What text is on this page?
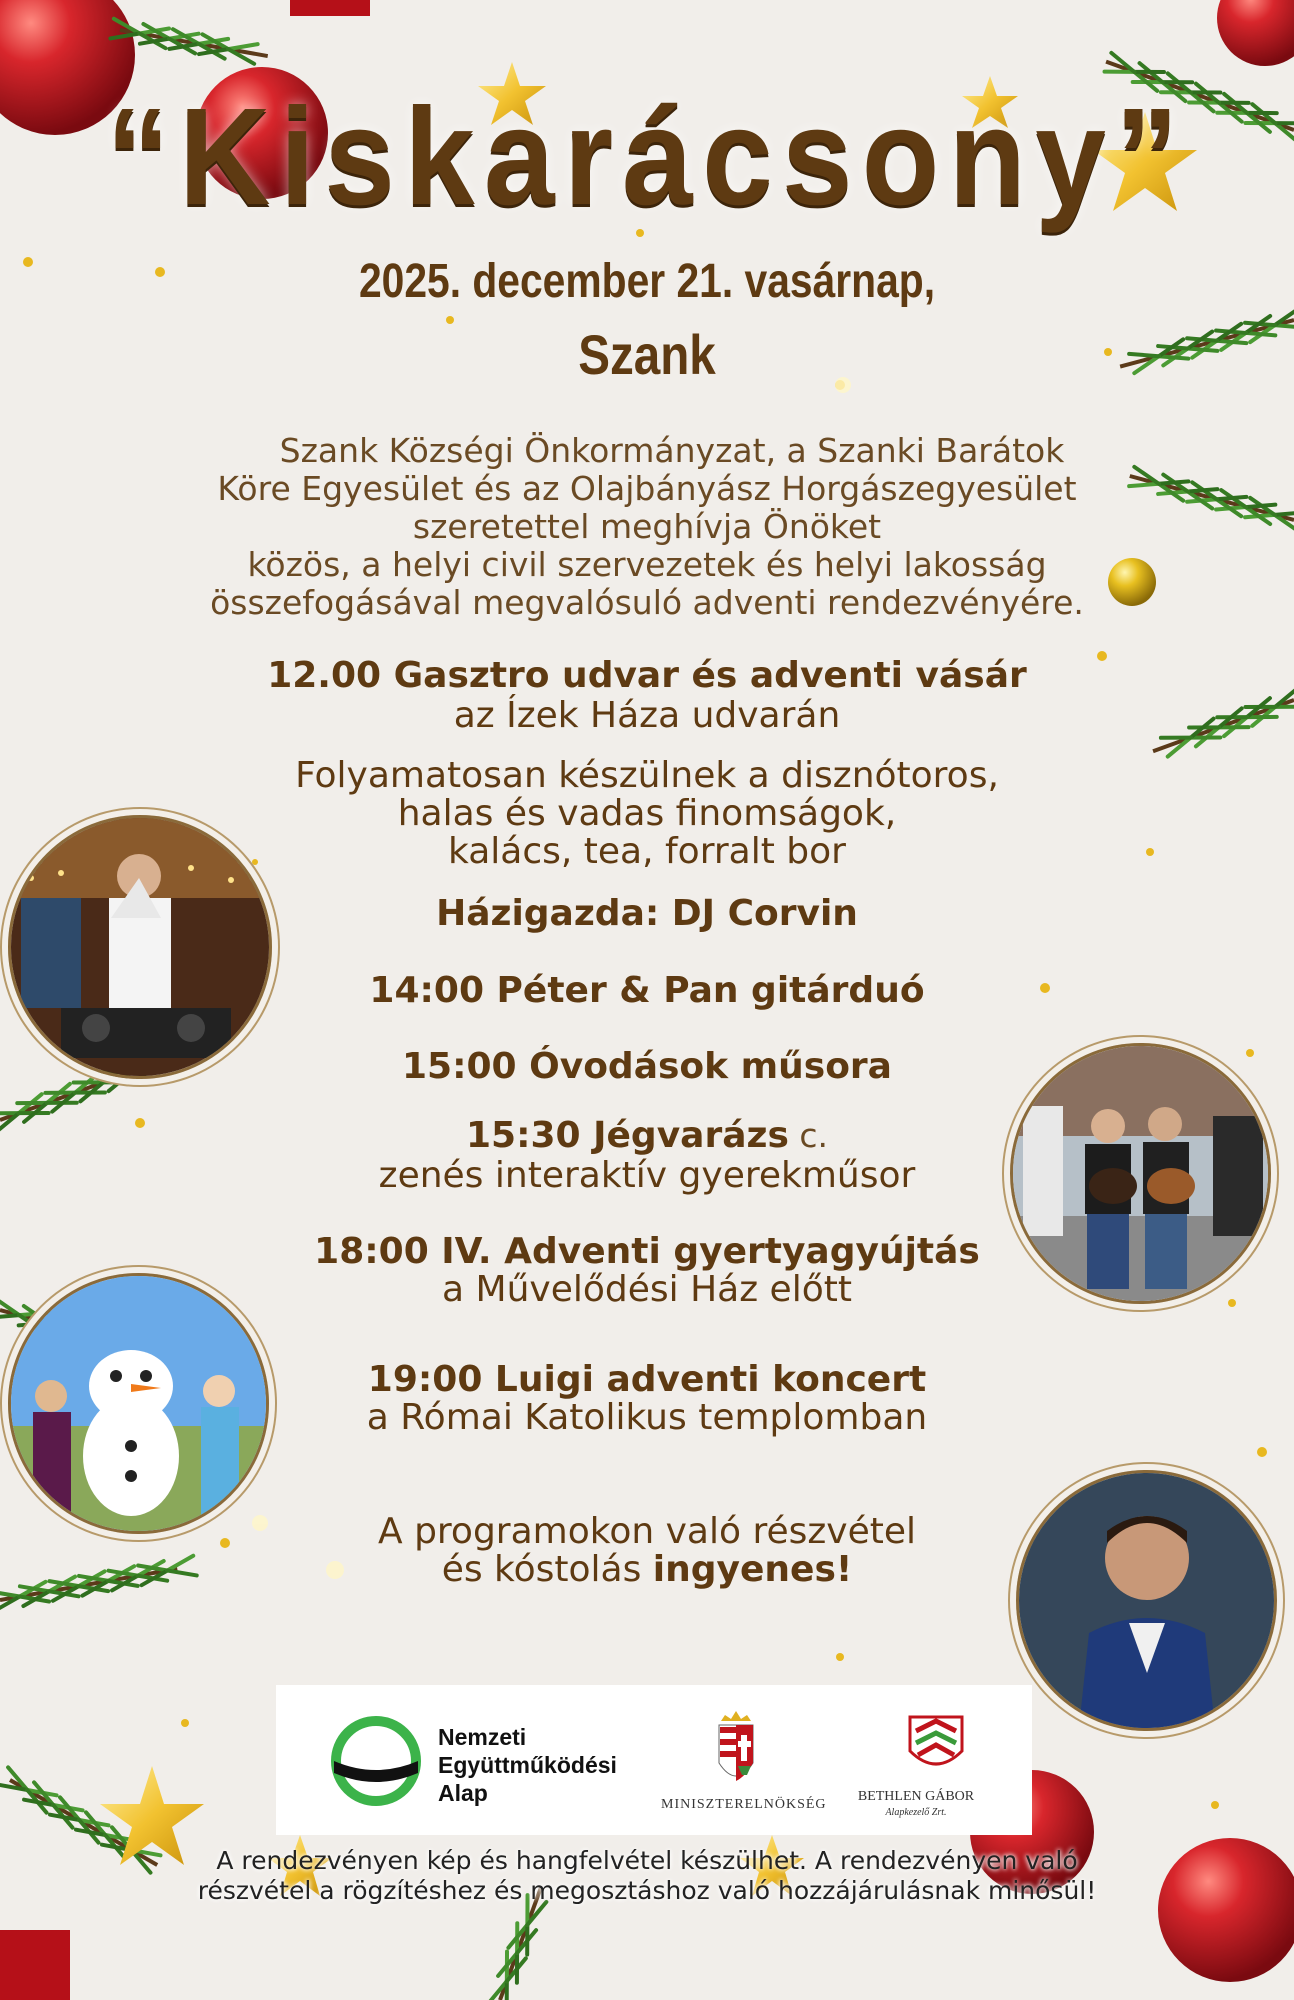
“Kiskarácsony”
2025. december 21. vasárnap,
Szank
Szank Községi Önkormányzat, a Szanki Barátok
Köre Egyesület és az Olajbányász Horgászegyesület
szeretettel meghívja Önöket
közös, a helyi civil szervezetek és helyi lakosság
összefogásával megvalósuló adventi rendezvényére.
12.00 Gasztro udvar és adventi vásár
az Ízek Háza udvarán
Folyamatosan készülnek a disznótoros,
halas és vadas finomságok,
kalács, tea, forralt bor
Házigazda: DJ Corvin
14:00 Péter & Pan gitárduó
15:00 Óvodások műsora
15:30 Jégvarázs c.
zenés interaktív gyerekműsor
18:00 IV. Adventi gyertyagyújtás
a Művelődési Ház előtt
19:00 Luigi adventi koncert
a Római Katolikus templomban
A programokon való részvétel
és kóstolás ingyenes!
Nemzeti
Együttműködési
Alap	MINISZTERELNÖKSÉG
BETHLEN GÁBOR
Alapkezelő Zrt.
A rendezvényen kép és hangfelvétel készülhet. A rendezvényen való
részvétel a rögzítéshez és megosztáshoz való hozzájárulásnak minősül!
